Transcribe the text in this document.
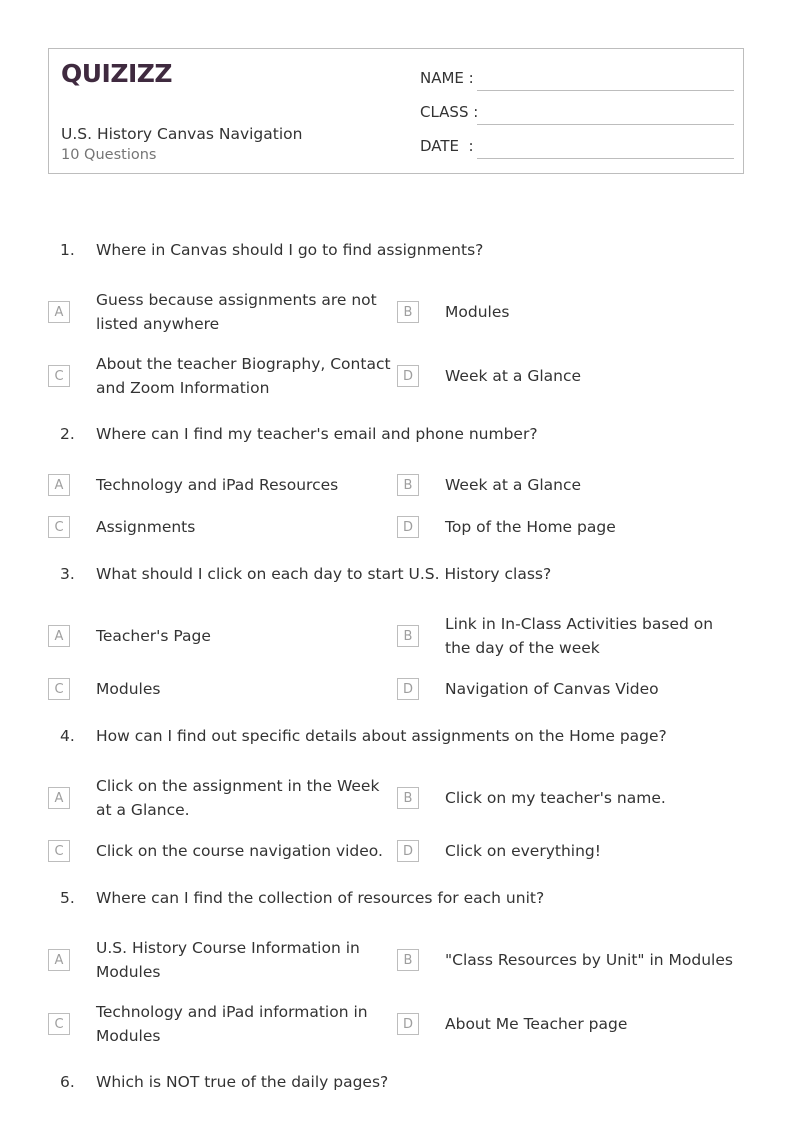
QUIZIZZ
U.S. History Canvas Navigation
10 Questions
NAME :
CLASS :
DATE  :
1. Where in Canvas should I go to find assignments?
A
Guess because assignments are not listed anywhere
B	Modules
C
About the teacher Biography, Contact and Zoom Information
D	Week at a Glance
2. Where can I find my teacher's email and phone number?
A	Technology and iPad Resources	B	Week at a Glance
C	Assignments	D	Top of the Home page
3. What should I click on each day to start U.S. History class?
A	Teacher's Page	B
Link in In-Class Activities based on the day of the week
C	Modules	D	Navigation of Canvas Video
4. How can I find out specific details about assignments on the Home page?
A
Click on the assignment in the Week at a Glance.
B	Click on my teacher's name.
C	Click on the course navigation video.	D	Click on everything!
5. Where can I find the collection of resources for each unit?
A
U.S. History Course Information in Modules
B	"Class Resources by Unit" in Modules
C
Technology and iPad information in Modules
D	About Me Teacher page
6. Which is NOT true of the daily pages?
